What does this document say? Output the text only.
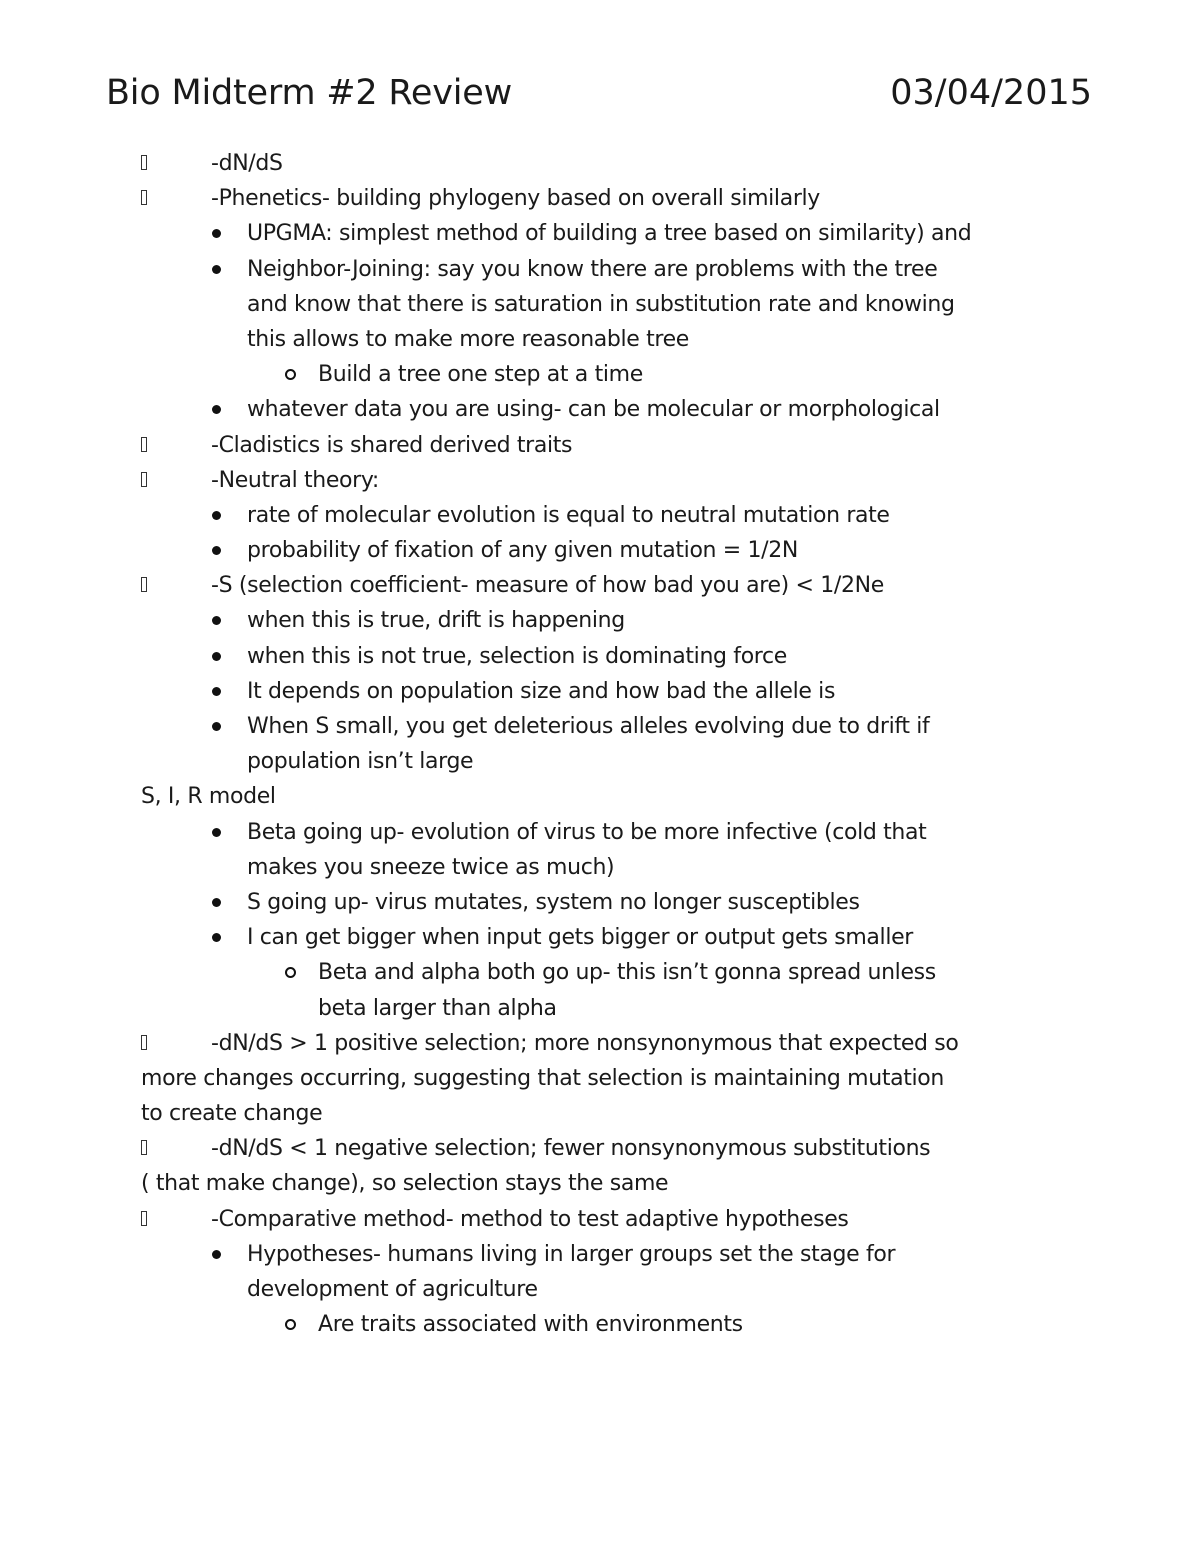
Bio Midterm #2 Review	03/04/2015
-dN/dS
-Phenetics- building phylogeny based on overall similarly
UPGMA: simplest method of building a tree based on similarity) and
Neighbor-Joining: say you know there are problems with the tree
and know that there is saturation in substitution rate and knowing
this allows to make more reasonable tree
Build a tree one step at a time
whatever data you are using- can be molecular or morphological
-Cladistics is shared derived traits
-Neutral theory:
rate of molecular evolution is equal to neutral mutation rate
probability of fixation of any given mutation = 1/2N
-S (selection coefficient- measure of how bad you are) < 1/2Ne
when this is true, drift is happening
when this is not true, selection is dominating force
It depends on population size and how bad the allele is
When S small, you get deleterious alleles evolving due to drift if
population isn’t large
S, I, R model
Beta going up- evolution of virus to be more infective (cold that
makes you sneeze twice as much)
S going up- virus mutates, system no longer susceptibles
I can get bigger when input gets bigger or output gets smaller
Beta and alpha both go up- this isn’t gonna spread unless
beta larger than alpha
-dN/dS > 1 positive selection; more nonsynonymous that expected so
more changes occurring, suggesting that selection is maintaining mutation
to create change
-dN/dS < 1 negative selection; fewer nonsynonymous substitutions
( that make change), so selection stays the same
-Comparative method- method to test adaptive hypotheses
Hypotheses- humans living in larger groups set the stage for
development of agriculture
Are traits associated with environments
